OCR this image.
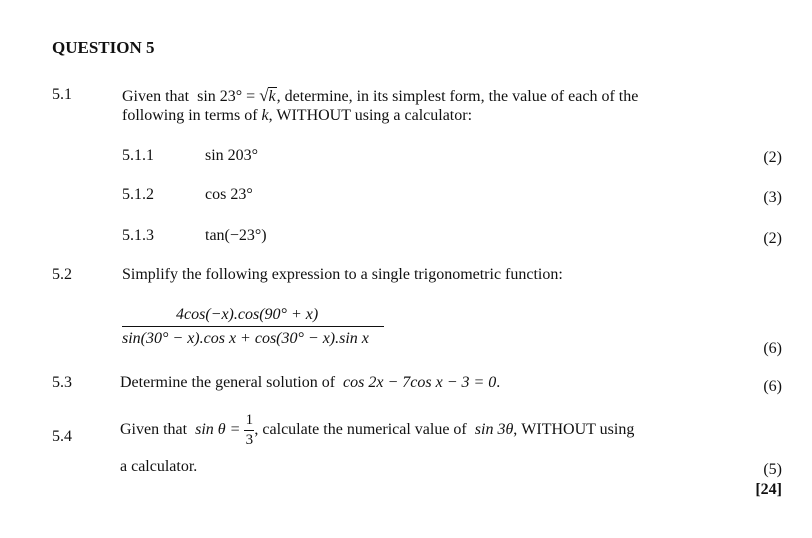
QUESTION 5
5.1	Given that sin 23° = √k, determine, in its simplest form, the value of each of the
following in terms of k, WITHOUT using a calculator:
5.1.1	sin 203°	(2)
5.1.2	cos 23°	(3)
5.1.3	tan(−23°)	(2)
5.2	Simplify the following expression to a single trigonometric function:
4cos(−x).cos(90° + x)
sin(30° − x).cos x + cos(30° − x).sin x
(6)
5.3	Determine the general solution of cos 2x − 7cos x − 3 = 0.	(6)
5.4	Given that $\sin \theta = \frac{1}{3}$ , calculate the numerical value of sin 3θ, WITHOUT using
a calculator.	(5)
[24]
